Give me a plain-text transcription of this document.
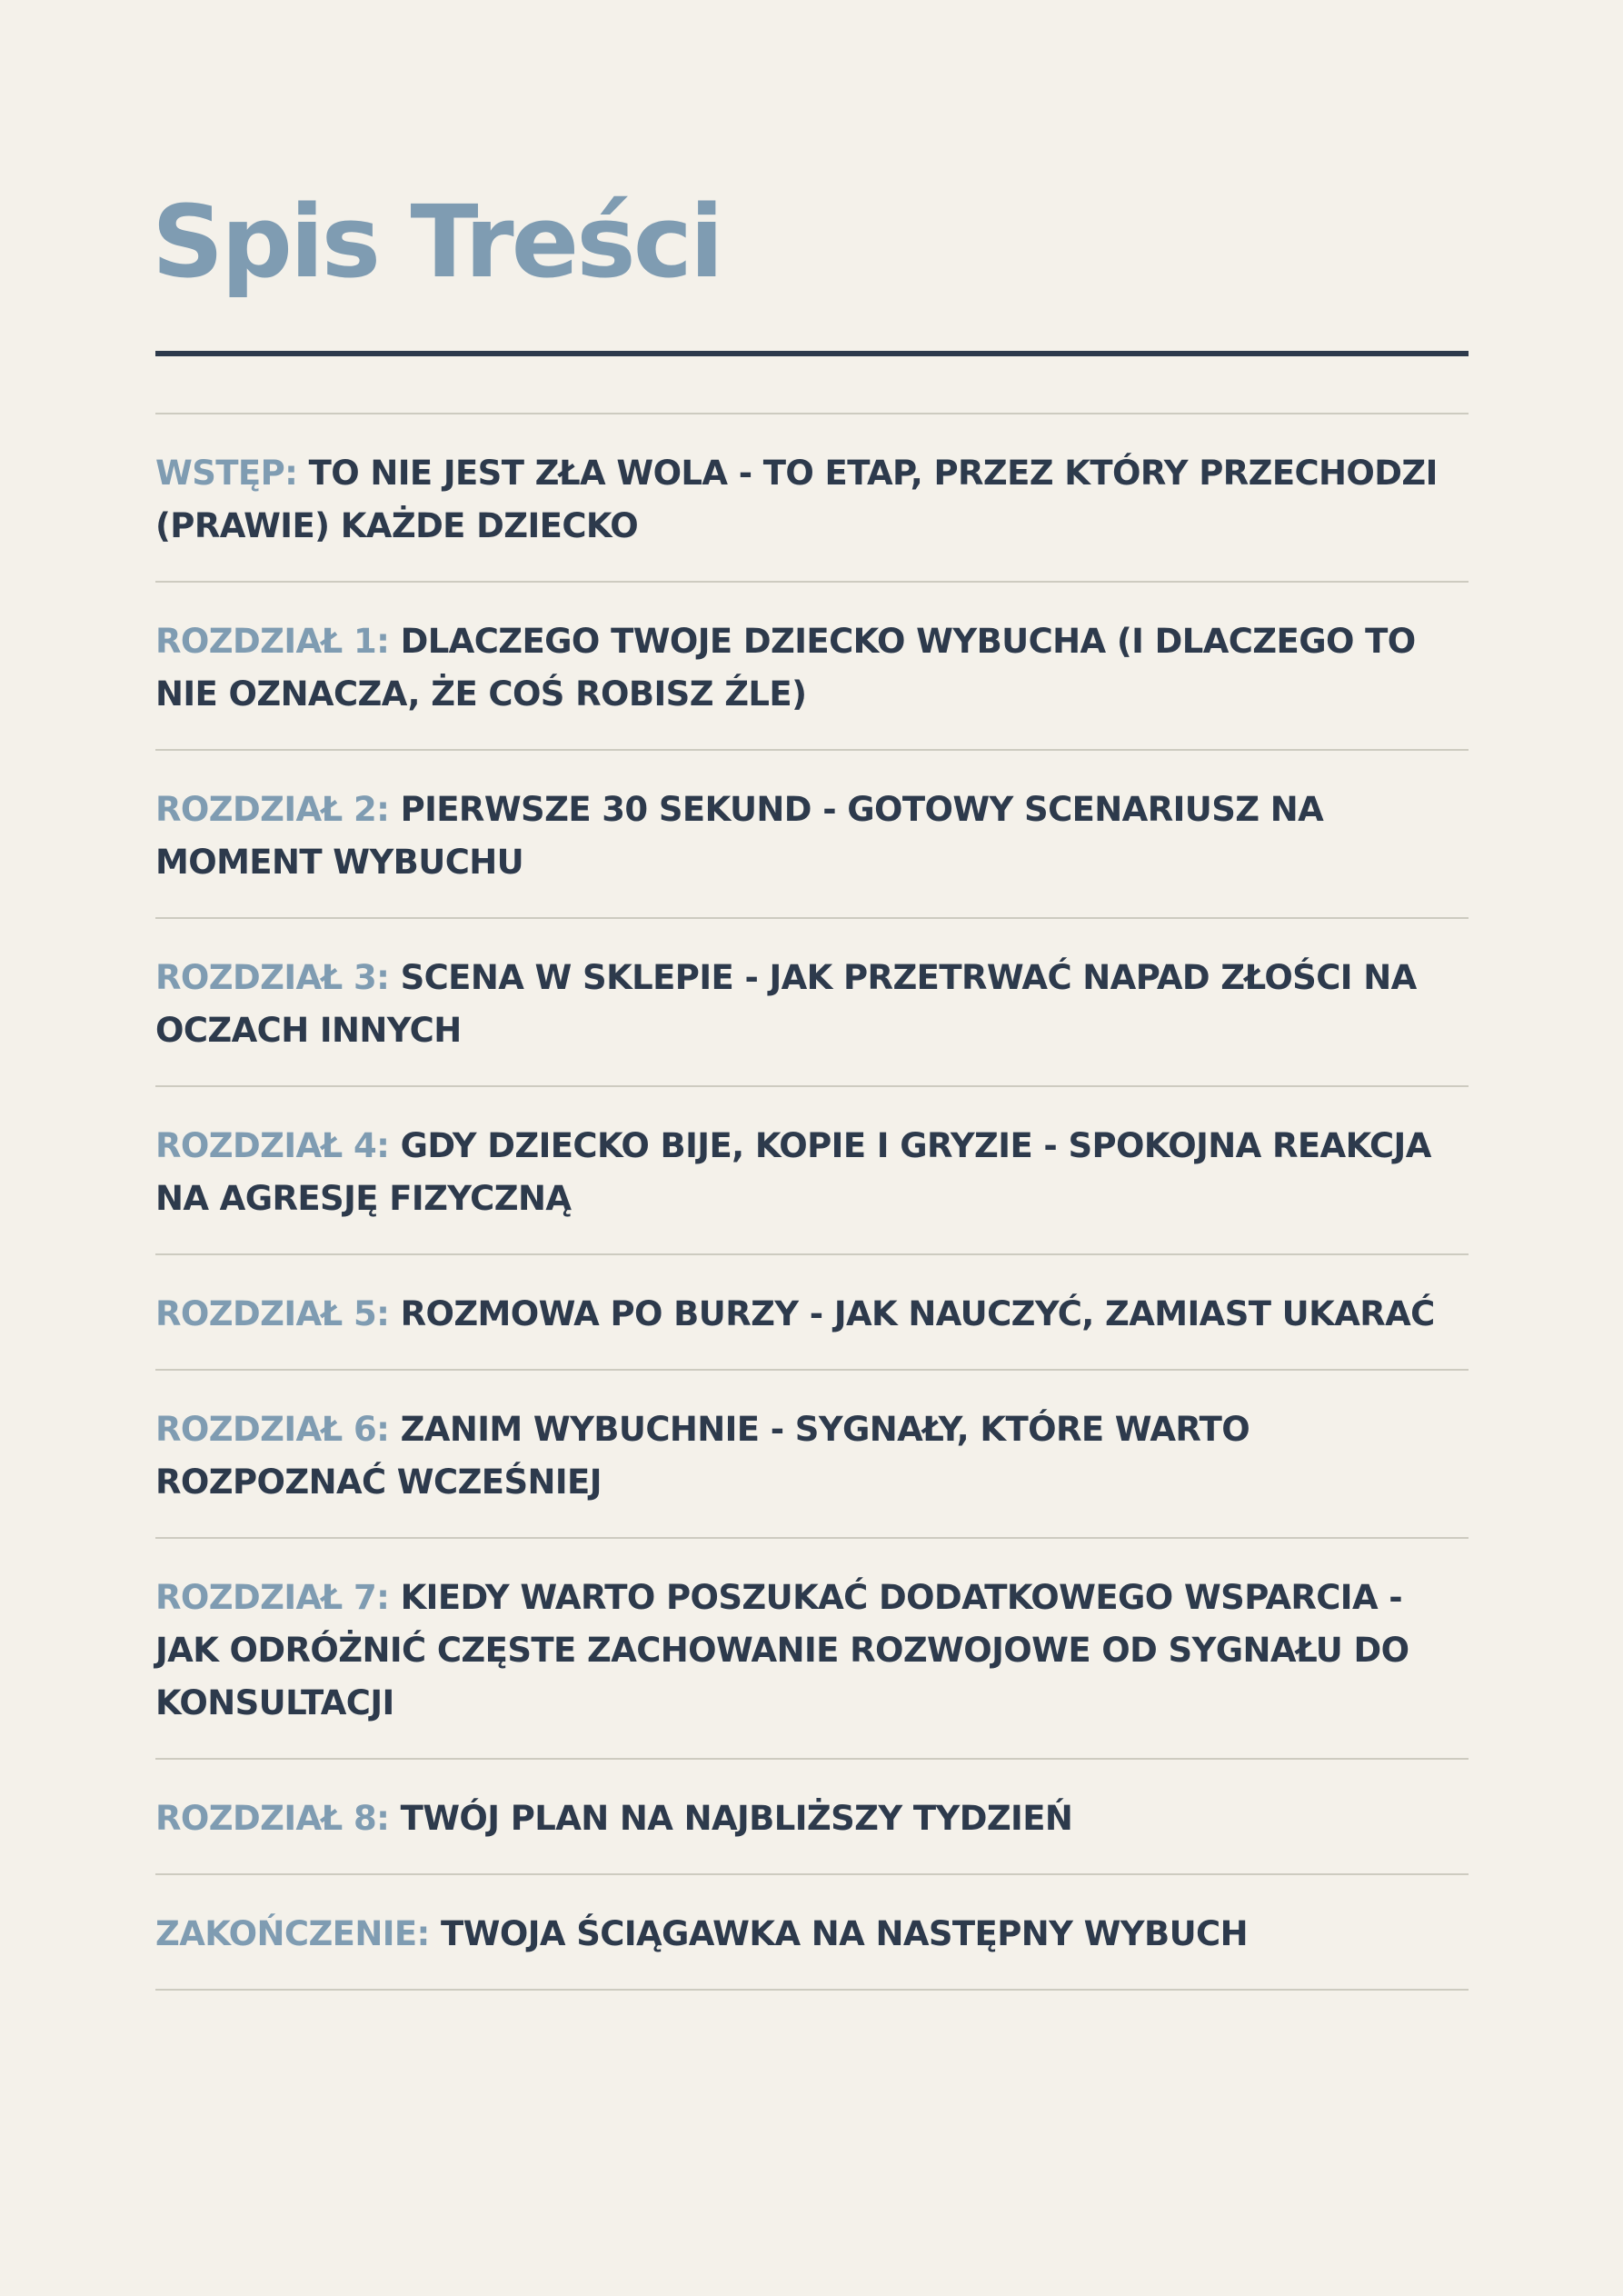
Spis Treści
WSTĘP: TO NIE JEST ZŁA WOLA - TO ETAP, PRZEZ KTÓRY PRZECHODZI (PRAWIE) KAŻDE DZIECKO
ROZDZIAŁ 1: DLACZEGO TWOJE DZIECKO WYBUCHA (I DLACZEGO TO NIE OZNACZA, ŻE COŚ ROBISZ ŹLE)
ROZDZIAŁ 2: PIERWSZE 30 SEKUND - GOTOWY SCENARIUSZ NA MOMENT WYBUCHU
ROZDZIAŁ 3: SCENA W SKLEPIE - JAK PRZETRWAĆ NAPAD ZŁOŚCI NA OCZACH INNYCH
ROZDZIAŁ 4: GDY DZIECKO BIJE, KOPIE I GRYZIE - SPOKOJNA REAKCJA NA AGRESJĘ FIZYCZNĄ
ROZDZIAŁ 5: ROZMOWA PO BURZY - JAK NAUCZYĆ, ZAMIAST UKARAĆ
ROZDZIAŁ 6: ZANIM WYBUCHNIE - SYGNAŁY, KTÓRE WARTO ROZPOZNAĆ WCZEŚNIEJ
ROZDZIAŁ 7: KIEDY WARTO POSZUKAĆ DODATKOWEGO WSPARCIA - JAK ODRÓŻNIĆ CZĘSTE ZACHOWANIE ROZWOJOWE OD SYGNAŁU DO KONSULTACJI
ROZDZIAŁ 8: TWÓJ PLAN NA NAJBLIŻSZY TYDZIEŃ
ZAKOŃCZENIE: TWOJA ŚCIĄGAWKA NA NASTĘPNY WYBUCH
